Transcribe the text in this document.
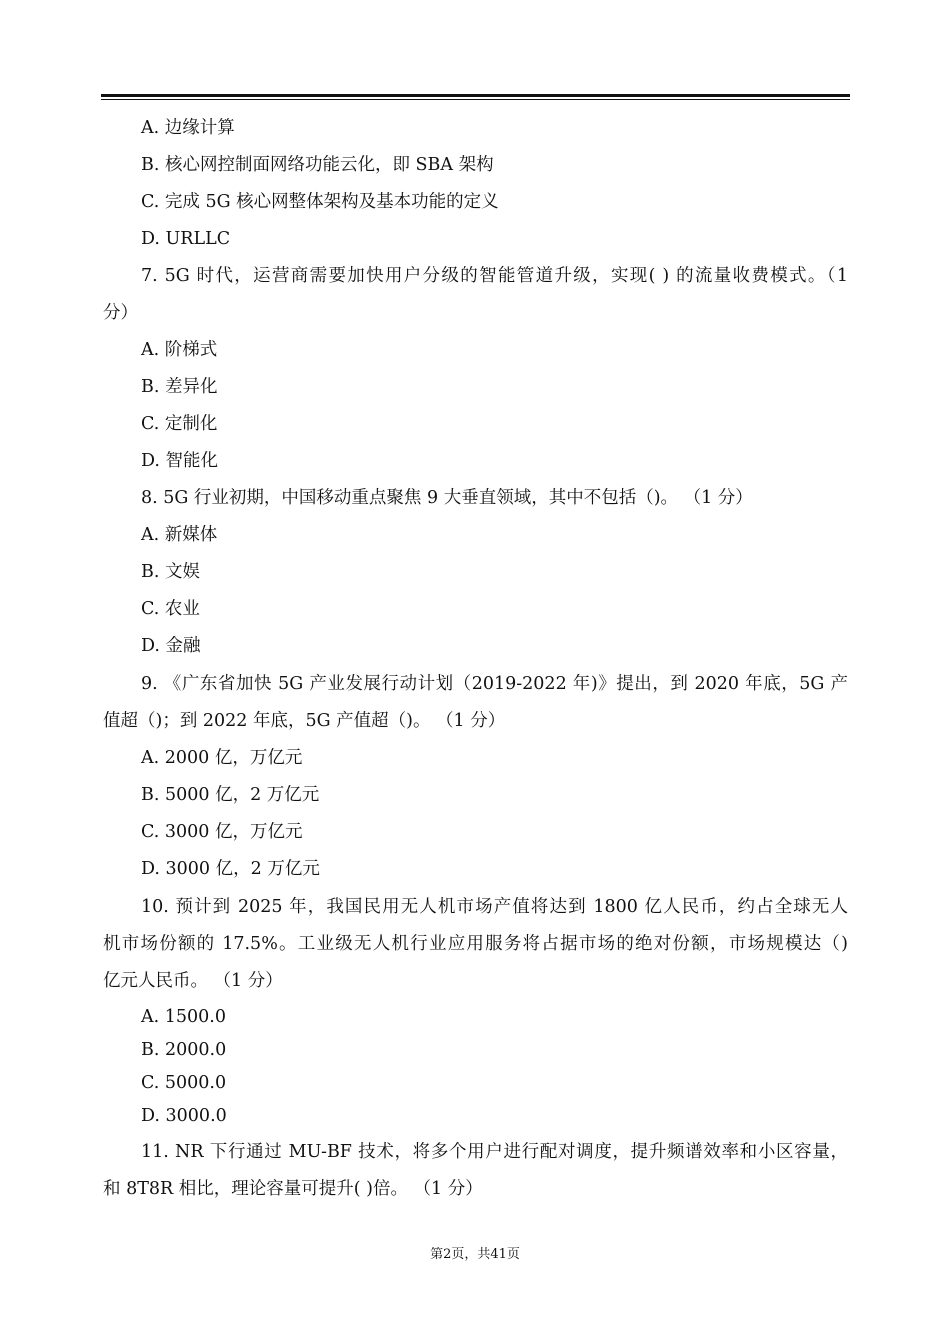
A. 边缘计算
B. 核心网控制面网络功能云化，即 SBA 架构
C. 完成 5G 核心网整体架构及基本功能的定义
D. URLLC
7. 5G 时代，运营商需要加快用户分级的智能管道升级，实现( ) 的流量收费模式。（1
分）
A. 阶梯式
B. 差异化
C. 定制化
D. 智能化
8. 5G 行业初期，中国移动重点聚焦 9 大垂直领域，其中不包括（)。 （1 分）
A. 新媒体
B. 文娱
C. 农业
D. 金融
9. 《广东省加快 5G 产业发展行动计划（2019-2022 年)》提出，到 2020 年底，5G 产
值超（)；到 2022 年底，5G 产值超（)。 （1 分）
A. 2000 亿，万亿元
B. 5000 亿，2 万亿元
C. 3000 亿，万亿元
D. 3000 亿，2 万亿元
10. 预计到 2025 年，我国民用无人机市场产值将达到 1800 亿人民币，约占全球无人
机市场份额的 17.5%。工业级无人机行业应用服务将占据市场的绝对份额，市场规模达（)
亿元人民币。 （1 分）
A. 1500.0
B. 2000.0
C. 5000.0
D. 3000.0
11. NR 下行通过 MU-BF 技术，将多个用户进行配对调度，提升频谱效率和小区容量，
和 8T8R 相比，理论容量可提升( )倍。 （1 分）
第2页，共41页
